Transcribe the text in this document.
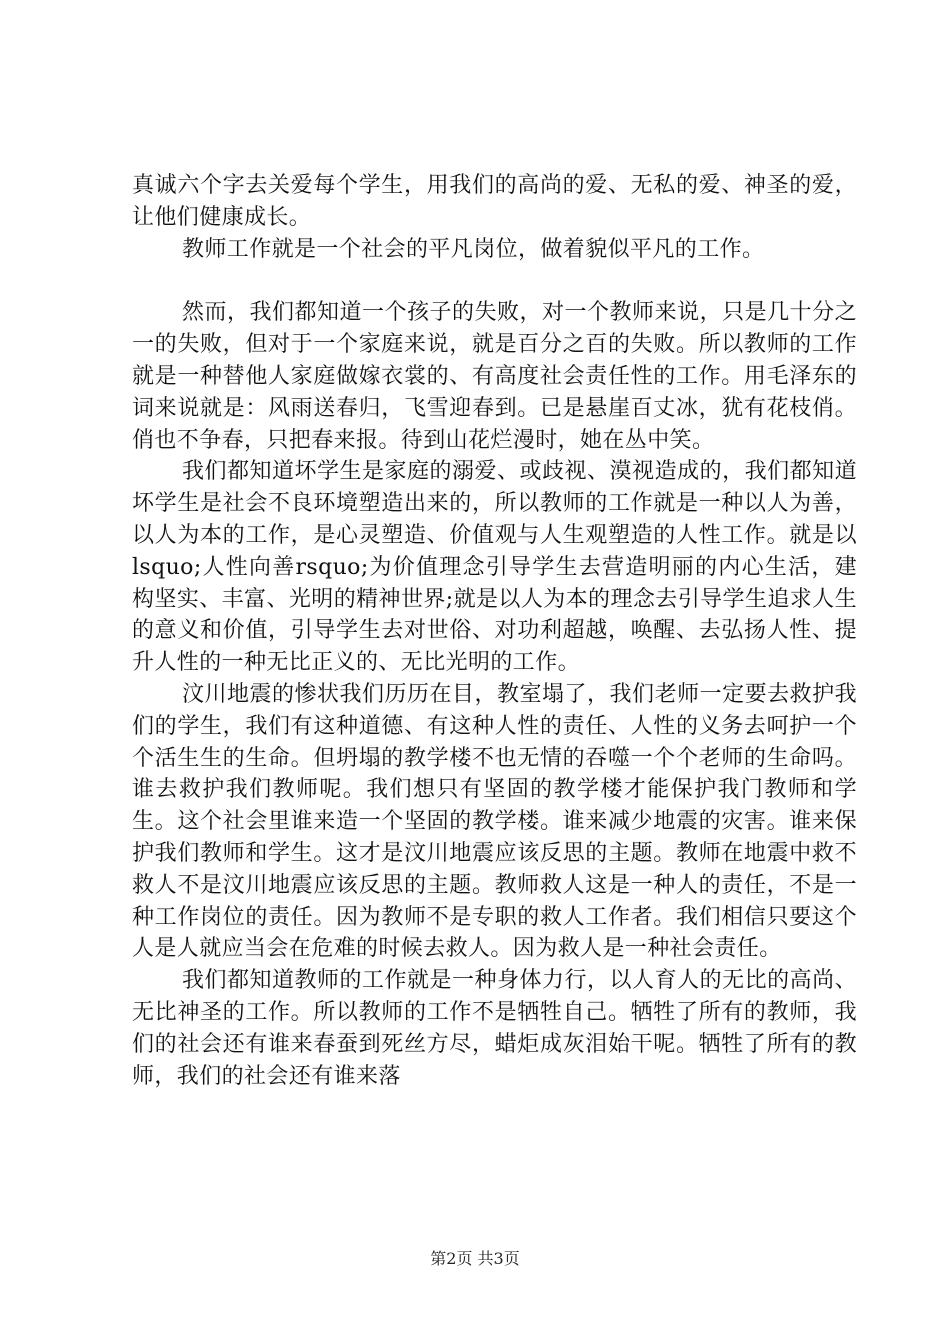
真诚六个字去关爱每个学生，用我们的高尚的爱、无私的爱、神圣的爱，让他们健康成长。

教师工作就是一个社会的平凡岗位，做着貌似平凡的工作。

然而，我们都知道一个孩子的失败，对一个教师来说，只是几十分之一的失败，但对于一个家庭来说，就是百分之百的失败。所以教师的工作就是一种替他人家庭做嫁衣裳的、有高度社会责任性的工作。用毛泽东的词来说就是：风雨送春归，飞雪迎春到。已是悬崖百丈冰，犹有花枝俏。俏也不争春，只把春来报。待到山花烂漫时，她在丛中笑。

我们都知道坏学生是家庭的溺爱、或歧视、漠视造成的，我们都知道坏学生是社会不良环境塑造出来的，所以教师的工作就是一种以人为善，以人为本的工作，是心灵塑造、价值观与人生观塑造的人性工作。就是以lsquo;人性向善rsquo;为价值理念引导学生去营造明丽的内心生活，建构坚实、丰富、光明的精神世界;就是以人为本的理念去引导学生追求人生的意义和价值，引导学生去对世俗、对功利超越，唤醒、去弘扬人性、提升人性的一种无比正义的、无比光明的工作。

汶川地震的惨状我们历历在目，教室塌了，我们老师一定要去救护我们的学生，我们有这种道德、有这种人性的责任、人性的义务去呵护一个个活生生的生命。但坍塌的教学楼不也无情的吞噬一个个老师的生命吗。谁去救护我们教师呢。我们想只有坚固的教学楼才能保护我门教师和学生。这个社会里谁来造一个坚固的教学楼。谁来减少地震的灾害。谁来保护我们教师和学生。这才是汶川地震应该反思的主题。教师在地震中救不救人不是汶川地震应该反思的主题。教师救人这是一种人的责任，不是一种工作岗位的责任。因为教师不是专职的救人工作者。我们相信只要这个人是人就应当会在危难的时候去救人。因为救人是一种社会责任。

我们都知道教师的工作就是一种身体力行，以人育人的无比的高尚、无比神圣的工作。所以教师的工作不是牺牲自己。牺牲了所有的教师，我们的社会还有谁来春蚕到死丝方尽，蜡炬成灰泪始干呢。牺牲了所有的教师，我们的社会还有谁来落

第2页 共3页
